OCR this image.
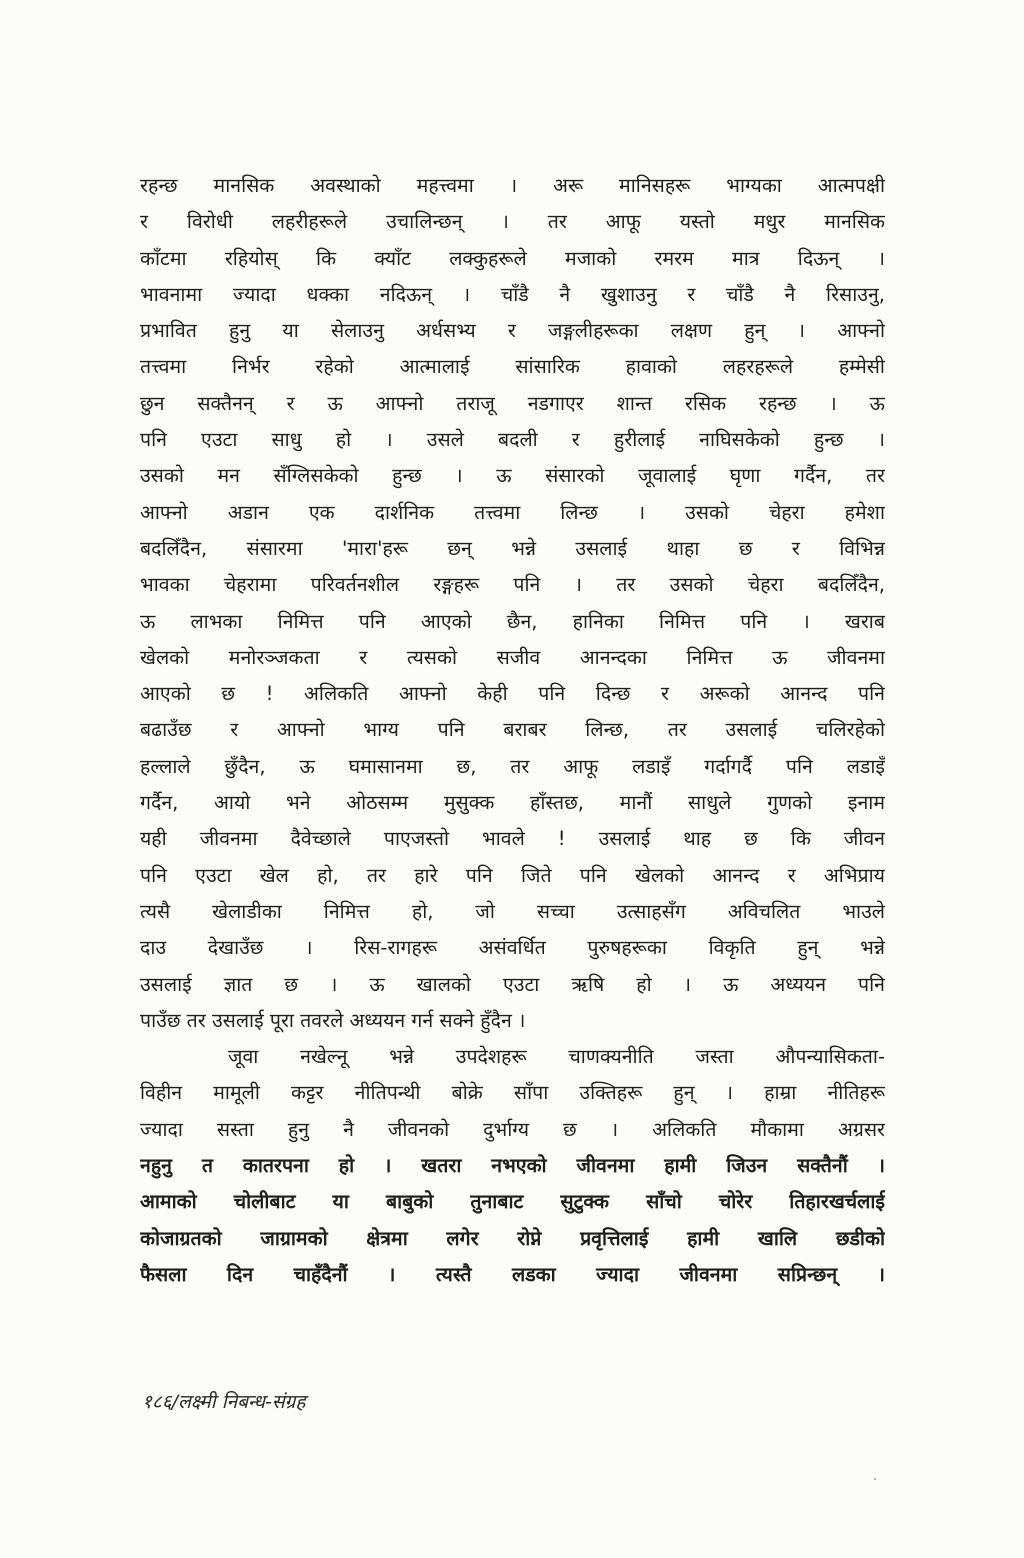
रहन्छ मानसिक अवस्थाको महत्त्वमा । अरू मानिसहरू भाग्यका आत्मपक्षी
र विरोधी लहरीहरूले उचालिन्छन् । तर आफू यस्तो मधुर मानसिक
काँटमा रहियोस् कि क्याँट लक्कुहरूले मजाको रमरम मात्र दिऊन् ।
भावनामा ज्यादा धक्का नदिऊन् । चाँडै नै खुशाउनु र चाँडै नै रिसाउनु,
प्रभावित हुनु या सेलाउनु अर्धसभ्य र जङ्गलीहरूका लक्षण हुन् । आफ्नो
तत्त्वमा निर्भर रहेको आत्मालाई सांसारिक हावाको लहरहरूले हम्मेसी
छुन सक्तैनन् र ऊ आफ्नो तराजू नडगाएर शान्त रसिक रहन्छ । ऊ
पनि एउटा साधु हो । उसले बदली र हुरीलाई नाघिसकेको हुन्छ ।
उसको मन सँग्लिसकेको हुन्छ । ऊ संसारको जूवालाई घृणा गर्दैन, तर
आफ्नो अडान एक दार्शनिक तत्त्वमा लिन्छ । उसको चेहरा हमेशा
बदलिँदैन, संसारमा 'मारा'हरू छन् भन्ने उसलाई थाहा छ र विभिन्न
भावका चेहरामा परिवर्तनशील रङ्गहरू पनि । तर उसको चेहरा बदलिँदैन,
ऊ लाभका निमित्त पनि आएको छैन, हानिका निमित्त पनि । खराब
खेलको मनोरञ्जकता र त्यसको सजीव आनन्दका निमित्त ऊ जीवनमा
आएको छ ! अलिकति आफ्नो केही पनि दिन्छ र अरूको आनन्द पनि
बढाउँछ र आफ्नो भाग्य पनि बराबर लिन्छ, तर उसलाई चलिरहेको
हल्लाले छुँदैन, ऊ घमासानमा छ, तर आफू लडाइँ गर्दागर्दै पनि लडाइँ
गर्दैन, आयो भने ओठसम्म मुसुक्क हाँस्तछ, मानौं साधुले गुणको इनाम
यही जीवनमा दैवेच्छाले पाएजस्तो भावले ! उसलाई थाह छ कि जीवन
पनि एउटा खेल हो, तर हारे पनि जिते पनि खेलको आनन्द र अभिप्राय
त्यसै खेलाडीका निमित्त हो, जो सच्चा उत्साहसँग अविचलित भाउले
दाउ देखाउँछ । रिस-रागहरू असंवर्धित पुरुषहरूका विकृति हुन् भन्ने
उसलाई ज्ञात छ । ऊ खालको एउटा ऋषि हो । ऊ अध्ययन पनि
पाउँछ तर उसलाई पूरा तवरले अध्ययन गर्न सक्ने हुँदैन ।
जूवा नखेल्नू भन्ने उपदेशहरू चाणक्यनीति जस्ता औपन्यासिकता-
विहीन मामूली कट्टर नीतिपन्थी बोक्रे साँपा उक्तिहरू हुन् । हाम्रा नीतिहरू
ज्यादा सस्ता हुनु नै जीवनको दुर्भाग्य छ । अलिकति मौकामा अग्रसर
नहुनु त कातरपना हो । खतरा नभएको जीवनमा हामी जिउन सक्तैनौं ।
आमाको चोलीबाट या बाबुको तुनाबाट सुटुक्क साँचो चोरेर तिहारखर्चलाई
कोजाग्रतको जाग्रामको क्षेत्रमा लगेर रोप्ने प्रवृत्तिलाई हामी खालि छडीको
फैसला दिन चाहँदैनौं । त्यस्तै लडका ज्यादा जीवनमा सप्रिन्छन् ।
१८६/लक्ष्मी निबन्ध-संग्रह
